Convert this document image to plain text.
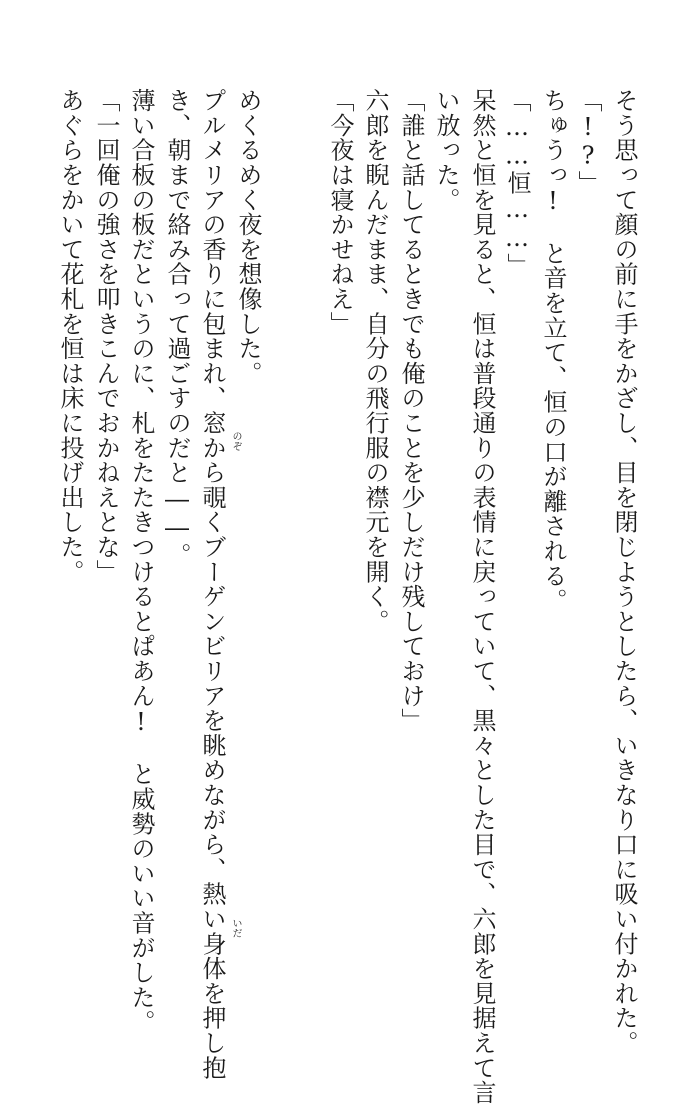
そう思って顔の前に手をかざし、目を閉じようとしたら、いきなり口に吸い付かれた。
「!?」
ちゅうっ!　と音を立て、恒の口が離される。
「……恒……」
呆然と恒を見ると、恒は普段通りの表情に戻っていて、黒々とした目で、六郎を見据えて言
い放った。
「誰と話してるときでも俺のことを少しだけ残しておけ」
六郎を睨んだまま、自分の飛行服の襟元を開く。
「今夜は寝かせねえ」
めくるめく夜を想像した。
プルメリアの香りに包まれ、窓から覗くブーゲンビリアを眺めながら、熱い身体を押し抱
き、朝まで絡み合って過ごすのだと――。
薄い合板の板だというのに、札をたたきつけるとぱあん!　と威勢のいい音がした。
「一回俺の強さを叩きこんでおかねえとな」
あぐらをかいて花札を恒は床に投げ出した。	のぞ
いだ
